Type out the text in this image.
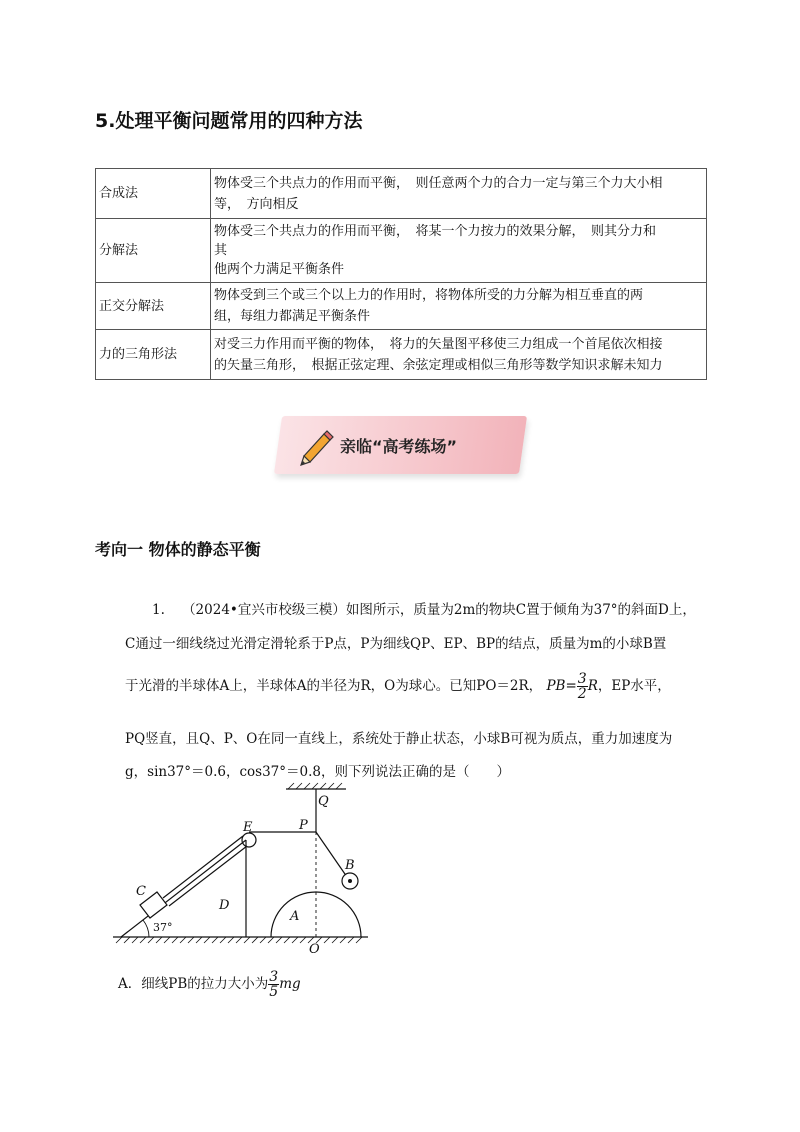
5.处理平衡问题常用的四种方法
合成法	物体受三个共点力的作用而平衡，　则任意两个力的合力一定与第三个力大小相
等，　方向相反

分解法	物体受三个共点力的作用而平衡，　将某一个力按力的效果分解，　则其分力和
其
他两个力满足平衡条件

正交分解法	物体受到三个或三个以上力的作用时，将物体所受的力分解为相互垂直的两
组，每组力都满足平衡条件

力的三角形法	对受三力作用而平衡的物体，　将力的矢量图平移使三力组成一个首尾依次相接
的矢量三角形，　根据正弦定理、余弦定理或相似三角形等数学知识求解未知力
亲临“高考练场”
考向一 物体的静态平衡
1. （2024•宜兴市校级三模）如图所示，质量为2m的物块C置于倾角为37°的斜面D上，
C通过一细线绕过光滑定滑轮系于P点，P为细线QP、EP、BP的结点，质量为m的小球B置
于光滑的半球体A上，半球体A的半径为R，O为球心。已知PO＝2R， $PB= \frac{3}{2}$ R，EP水平，
PQ竖直，且Q、P、O在同一直线上，系统处于静止状态，小球B可视为质点，重力加速度为
g，sin37°＝0.6，cos37°＝0.8，则下列说法正确的是（　　）
Q
P
E
B
C
D
A
O
37°
A．细线PB的拉力大小为 $\frac{3}{5}$ mg
